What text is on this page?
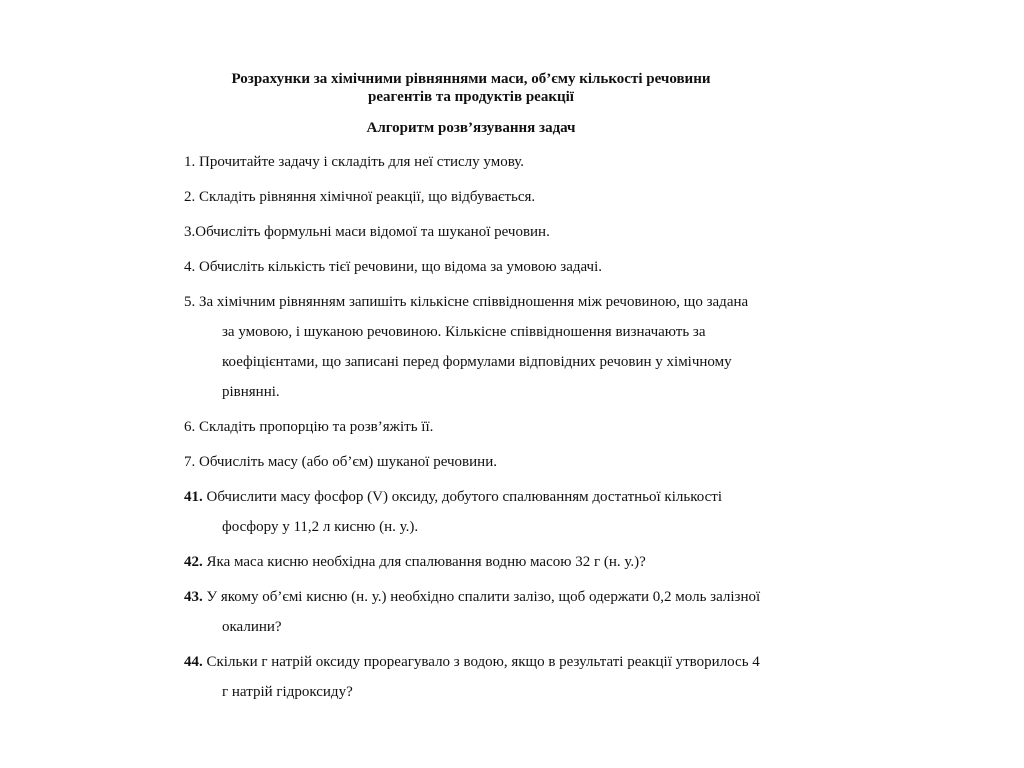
Розрахунки за хімічними рівняннями маси, об’єму кількості речовини
реагентів та продуктів реакції
Алгоритм розв’язування задач
1. Прочитайте задачу і складіть для неї стислу умову.
2. Складіть рівняння хімічної реакції, що відбувається.
3.Обчисліть формульні маси відомої та шуканої речовин.
4. Обчисліть кількість тієї речовини, що відома за умовою задачі.
5. За хімічним рівнянням запишіть кількісне співвідношення між речовиною, що задана за умовою, і шуканою речовиною. Кількісне співвідношення визначають за коефіцієнтами, що записані перед формулами відповідних речовин у хімічному рівнянні.
6. Складіть пропорцію та розв’яжіть її.
7. Обчисліть масу (або об’єм) шуканої речовини.
41. Обчислити масу фосфор (V) оксиду, добутого спалюванням достатньої кількості фосфору у 11,2 л кисню (н. у.).
42. Яка маса кисню необхідна для спалювання водню масою 32 г (н. у.)?
43. У якому об’ємі кисню (н. у.) необхідно спалити залізо, щоб одержати 0,2 моль залізної окалини?
44. Скільки г натрій оксиду прореагувало з водою, якщо в результаті реакції утворилось 4 г натрій гідроксиду?
